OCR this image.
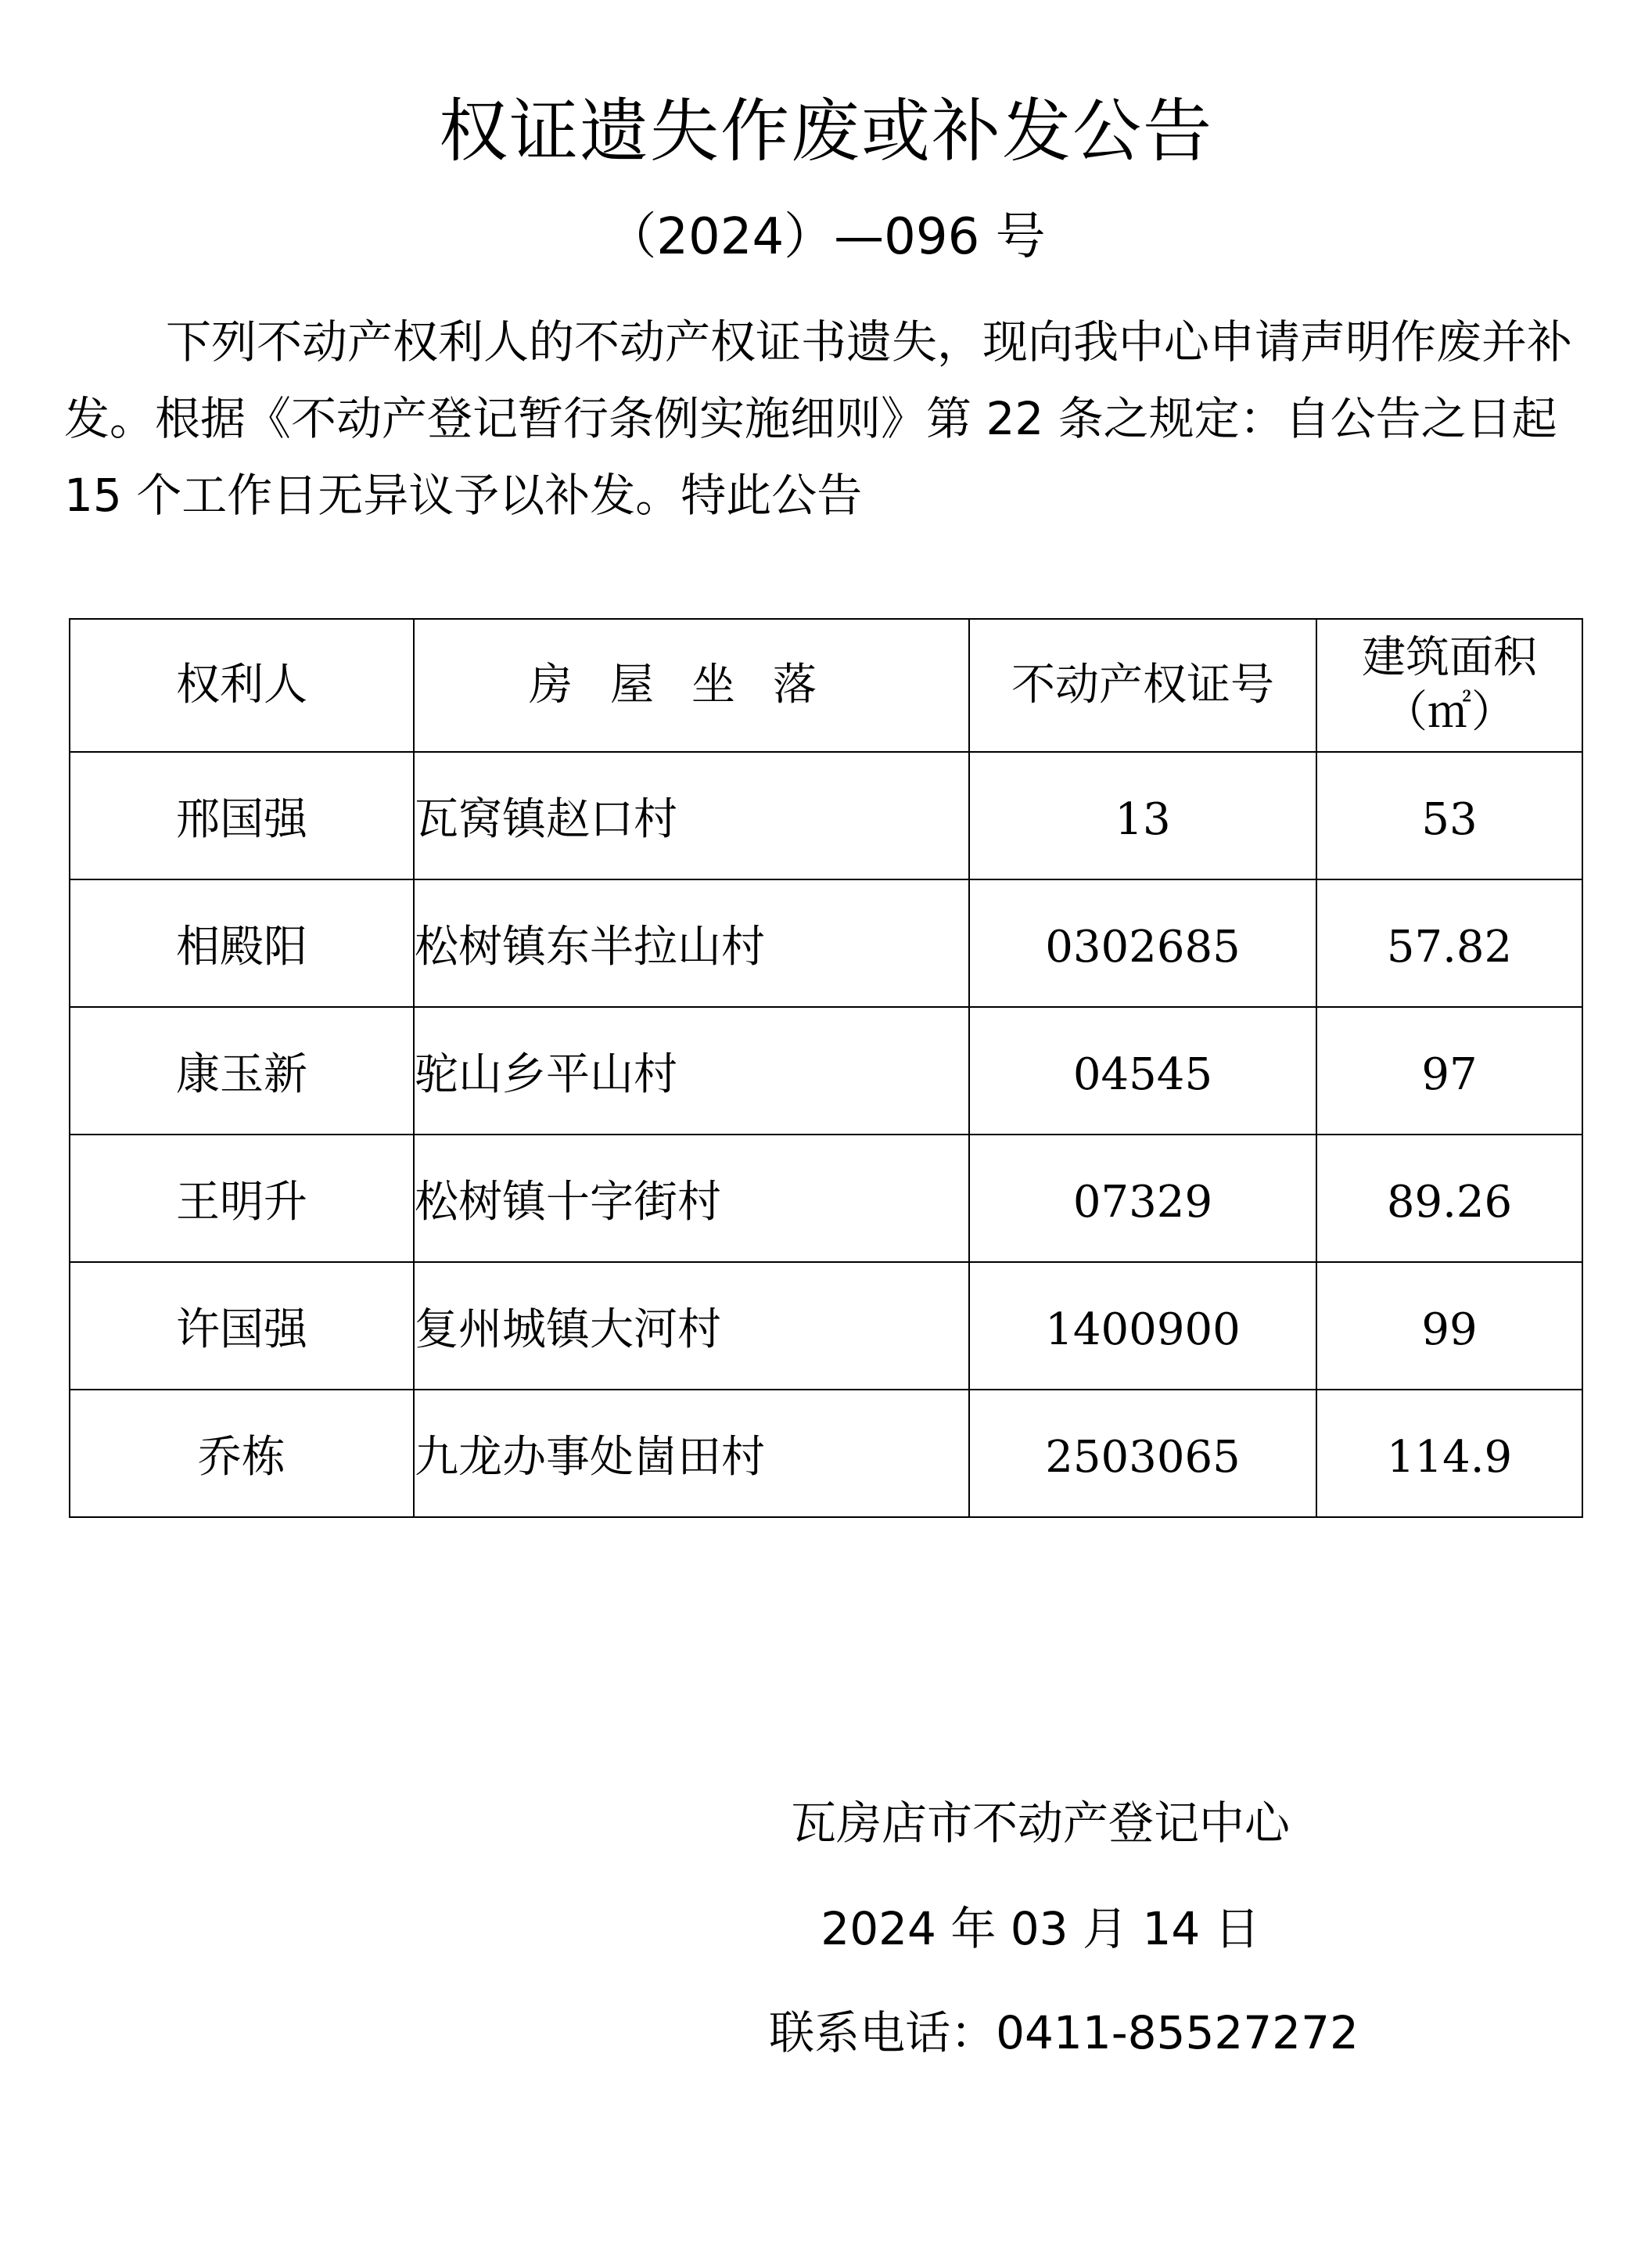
权证遗失作废或补发公告
（2024）—096 号

下列不动产权利人的不动产权证书遗失，现向我中心申请声明作废并补发。根据《不动产登记暂行条例实施细则》第 22 条之规定：自公告之日起 15 个工作日无异议予以补发。特此公告

权利人	房屋坐落	不动产权证号	建筑面积
（㎡）

邢国强	瓦窝镇赵口村	13	53
相殿阳	松树镇东半拉山村	0302685	57.82
康玉新	驼山乡平山村	04545	97
王明升	松树镇十字街村	07329	89.26
许国强	复州城镇大河村	1400900	99
乔栋	九龙办事处崮田村	2503065	114.9
瓦房店市不动产登记中心
2024 年 03 月 14 日
联系电话：0411-85527272
